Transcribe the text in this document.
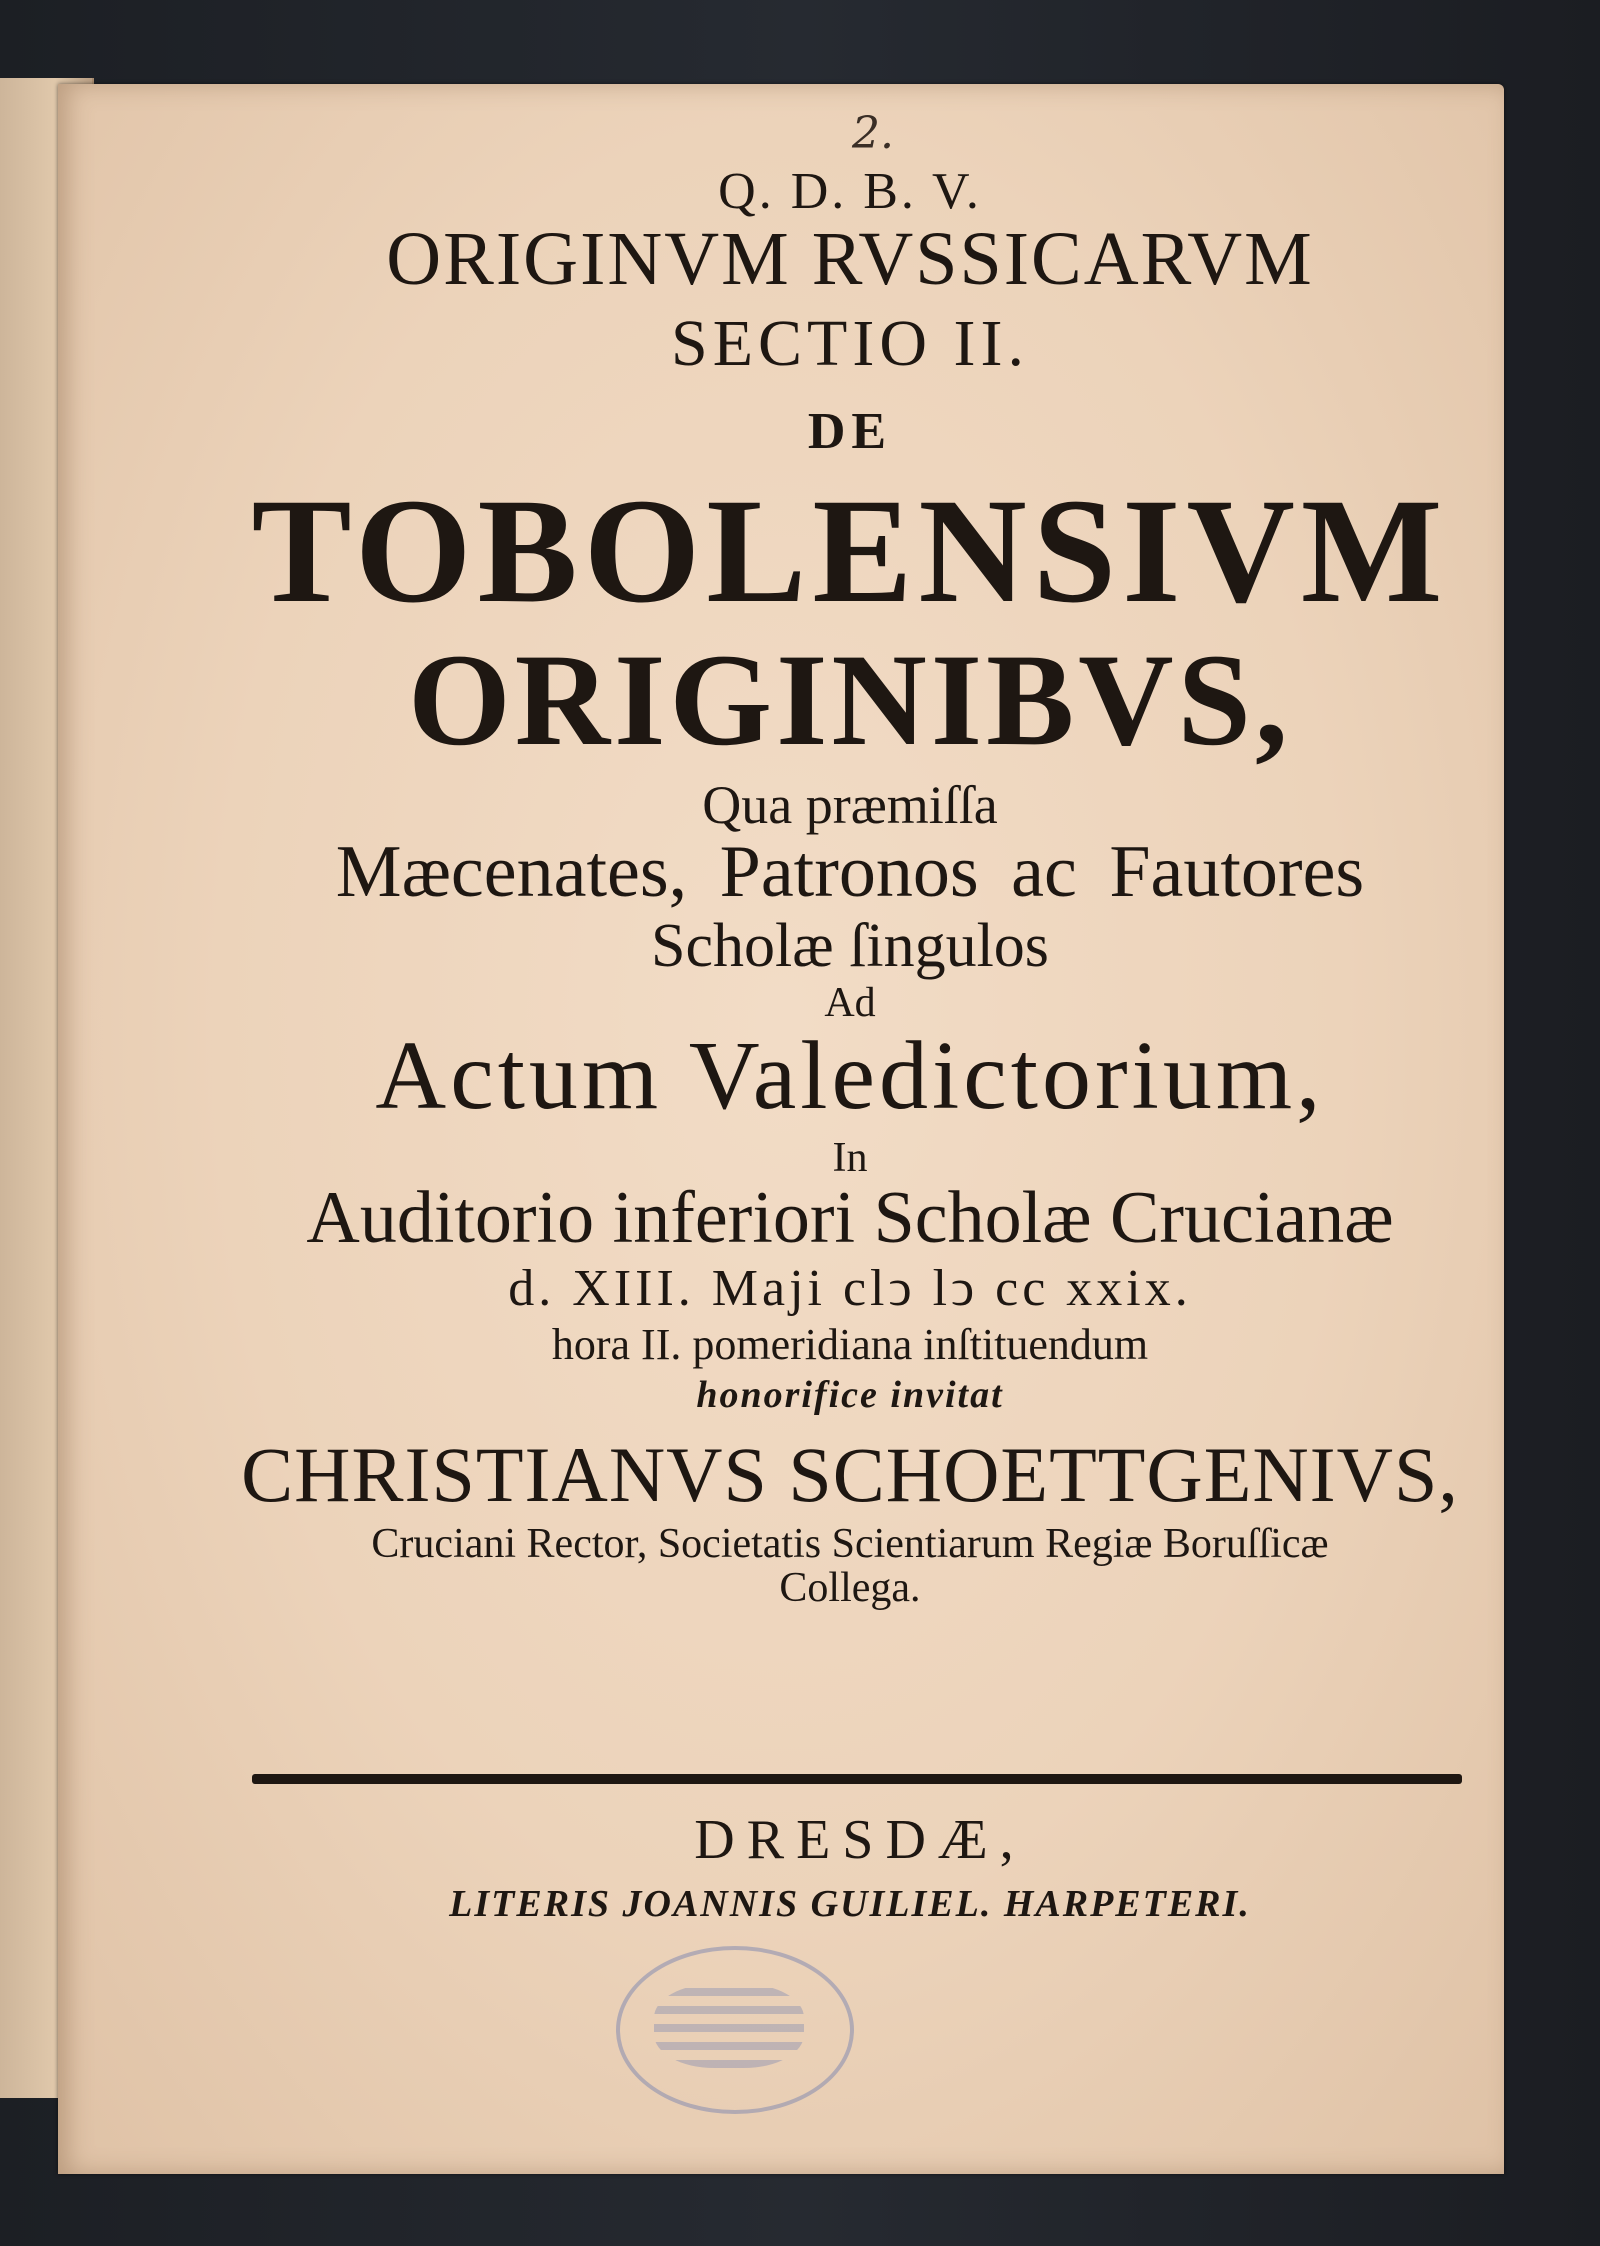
2.

Q. D. B. V.

ORIGINVM RVSSICARVM

SECTIO II.

DE

TOBOLENSIVM

ORIGINIBVS,

Qua præmiſſa

Mæcenates, Patronos ac Fautores

Scholæ ſingulos

Ad

Actum Valedictorium,

In

Auditorio inferiori Scholæ Crucianæ

d. XIII. Maji clↄ lↄ cc xxix.

hora II. pomeridiana inſtituendum

honorifice invitat

CHRISTIANVS SCHOETTGENIVS,

Cruciani Rector, Societatis Scientiarum Regiæ Boruſſicæ

Collega.

DRESDÆ,
LITERIS JOANNIS GUILIEL. HARPETERI.
